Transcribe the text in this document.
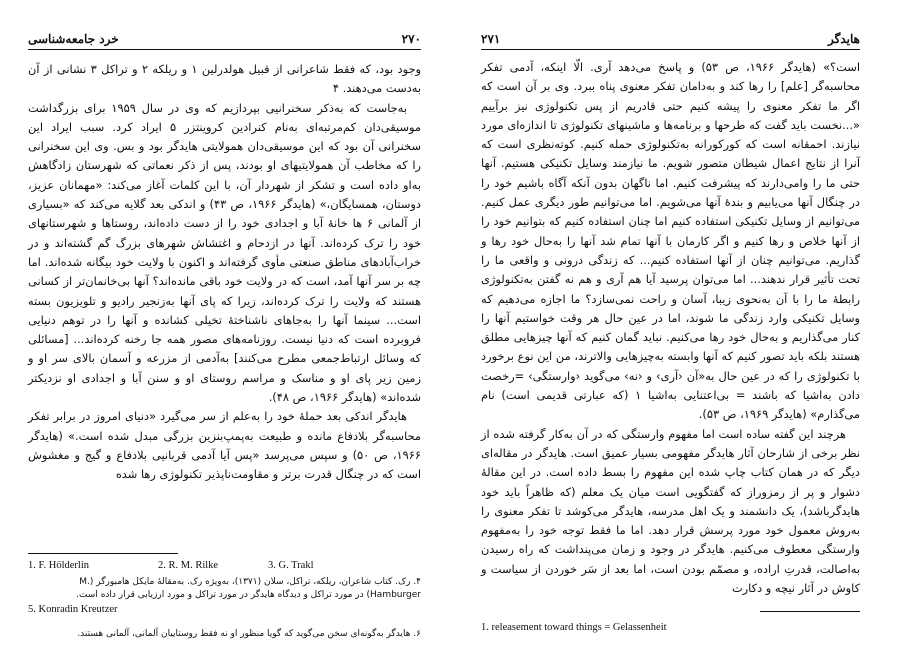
خرد جامعه‌شناسی	۲۷۰

وجود بود، که فقط شاعرانی از قبیل هولدرلین ۱ و ریلکه ۲ و تراکل ۳ نشانی از آن به‌دست می‌دهند. ۴

به‌جاست که به‌ذکر سخنرانیی بپردازیم که وی در سال ۱۹۵۹ برای بزرگداشت موسیقی‌دان کم‌مرتبه‌ای به‌نام کنرادین کروینتزر ۵ ایراد کرد. سبب ایراد این سخنرانی آن بود که این موسیقی‌دان همولایتی هایدگر بود و بس. وی این سخنرانی را که مخاطب آن همولایتیهای او بودند، پس از ذکر نعماتی که شهرستان زادگاهش به‌او داده است و تشکر از شهردار آن، با این کلمات آغاز می‌کند: «مهمانان عزیز، دوستان، همسایگان،» (هایدگر ۱۹۶۶، ص ۴۳) و اندکی بعد گلایه می‌کند که «بسیاری از آلمانی ۶ ها خانهٔ آبا و اجدادی خود را از دست داده‌اند، روستاها و شهرستانهای خود را ترک کرده‌اند. آنها در ازدحام و اغتشاش شهرهای بزرگ گم گشته‌اند و در خراب‌آبادهای مناطق صنعتی مأوی گرفته‌اند و اکنون با ولایت خود بیگانه شده‌اند. اما چه بر سر آنها آمد، است که در ولایت خود باقی مانده‌اند؟ آنها بی‌خانمان‌تر از کسانی هستند که ولایت را ترک کرده‌اند، زیرا که پای آنها به‌زنجیر رادیو و تلویزیون بسته است... سینما آنها را به‌جاهای ناشناختهٔ تخیلی کشانده و آنها را در توهم دنیایی فروبرده است که دنیا نیست. روزنامه‌های مصور همه جا رخنه کرده‌اند... [مسائلی که وسائل ارتباط‌جمعی مطرح می‌کنند] به‌آدمی از مزرعه و آسمان بالای سر او و زمین زیر پای او و مناسک و مراسم روستای او و سنن آبا و اجدادی او نزدیکتر شده‌اند» (هایدگر ۱۹۶۶، ص ۴۸).

هایدگر اندکی بعد حملهٔ خود را به‌علم از سر می‌گیرد «دنیای امروز در برابر تفکر محاسبه‌گر بلادفاع مانده و طبیعت به‌پمپ‌بنزین بزرگی مبدل شده است.» (هایدگر ۱۹۶۶، ص ۵۰) و سپس می‌پرسد «پس آیا آدمی قربانیی بلادفاع و گیج و مغشوش است که در چنگال قدرت برتر و مقاومت‌ناپذیر تکنولوژی رها شده

1. F. Hölderlin	2. R. M. Rilke	3. G. Trakl
۴. رک. کتاب شاعران، ریلکه، تراکل، سلان (۱۳۷۱)، به‌ویژه رک. به‌مقالهٔ مایکل هامبورگر (M. Hamburger) در مورد تراکل و دیدگاه هایدگر در مورد تراکل و مورد ارزیابی قرار داده است.
5. Konradin Kreutzer
۶. هایدگر به‌گونه‌ای سخن می‌گوید که گویا منظور او نه فقط روستاییان آلمانی، آلمانی هستند.
۲۷۱	هایدگر

است؟» (هایدگر ۱۹۶۶، ص ۵۳) و پاسخ می‌دهد آری. الّا اینکه، آدمی تفکر محاسبه‌گر [علم] را رها کند و به‌دامان تفکر معنوی پناه ببرد. وی بر آن است که اگر ما تفکر معنوی را پیشه کنیم حتی قادریم از پس تکنولوژی نیز برآییم «...نخست باید گفت که طرحها و برنامه‌ها و ماشینهای تکنولوژی تا اندازه‌ای مورد نیازند. احمقانه است که کورکورانه به‌تکنولوژی حمله کنیم. کوته‌نظری است که آنرا از نتایج اعمال شیطان متصور شویم. ما نیازمند وسایل تکنیکی هستیم. آنها حتی ما را وامی‌دارند که پیشرفت کنیم. اما ناگهان بدون آنکه آگاه باشیم خود را در چنگال آنها می‌یابیم و بندهٔ آنها می‌شویم. اما می‌توانیم طور دیگری عمل کنیم. می‌توانیم از وسایل تکنیکی استفاده کنیم اما چنان استفاده کنیم که بتوانیم خود را از آنها خلاص و رها کنیم و اگر کارمان با آنها تمام شد آنها را به‌حال خود رها و گذاریم. می‌توانیم چنان از آنها استفاده کنیم... که زندگی درونی و واقعی ما را تحت تأثیر قرار ندهند... اما می‌توان پرسید آیا هم آری و هم نه گفتن به‌تکنولوژی رابطهٔ ما را با آن به‌نحوی زیبا، آسان و راحت نمی‌سازد؟ ما اجازه می‌دهیم که وسایل تکنیکی وارد زندگی ما شوند، اما در عین حال هر وقت خواستیم آنها را کنار می‌گذاریم و به‌حال خود رها می‌کنیم. نباید گمان کنیم که آنها چیزهایی مطلق هستند بلکه باید تصور کنیم که آنها وابسته به‌چیزهایی والاترند، من این نوع برخورد با تکنولوژی را که در عین حال به‌«آن ‹آری› و ‹نه› می‌گوید ‹وارستگی› =رخصت دادن به‌اشیا که باشند = بی‌اعتنایی به‌اشیا ۱ (که عبارتی قدیمی است) نام می‌گذارم» (هایدگر ۱۹۶۹، ص ۵۳).

هرچند این گفته ساده است اما مفهوم وارستگی که در آن به‌کار گرفته شده از نظر برخی از شارحان آثار هایدگر مفهومی بسیار عمیق است. هایدگر در مقاله‌ای دیگر که در همان کتاب چاپ شده این مفهوم را بسط داده است. در این مقالهٔ دشوار و پر از رمزوراز که گفتگویی است میان یک معلم (که ظاهراً باید خود هایدگرباشد)، یک دانشمند و یک اهل مدرسه، هایدگر می‌کوشد تا تفکر معنوی را به‌روش معمول خود مورد پرسش قرار دهد. اما ما فقط توجه خود را به‌مفهوم وارستگی معطوف می‌کنیم. هایدگر در وجود و زمان می‌پنداشت که راه رسیدن به‌اصالت، قدرتِ اراده، و مصمّم بودن است، اما بعد از سَر خوردن از سیاست و کاوش در آثار نیچه و دکارت

1. releasement toward things = Gelassenheit
